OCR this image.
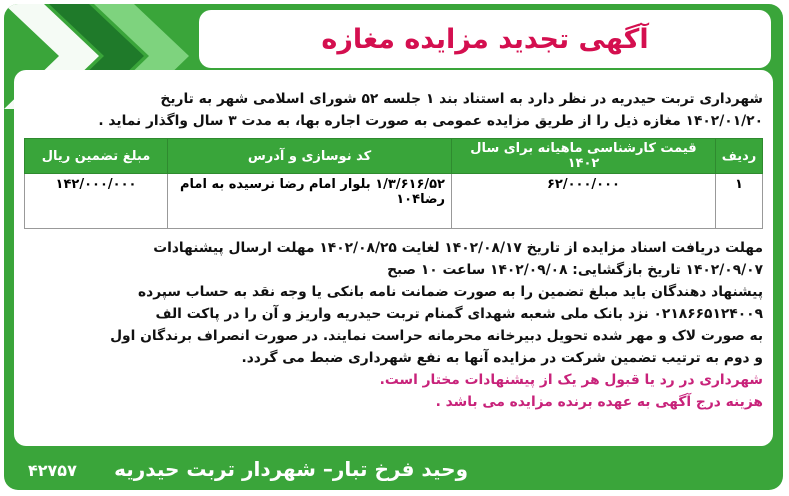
آگهی تجدید مزایده مغازه

شهرداری تربت حیدریه در نظر دارد به استناد بند ۱ جلسه ۵۲ شورای اسلامی شهر به تاریخ

۱۴۰۲/۰۱/۲۰ مغازه ذیل را از طریق مزایده عمومی به صورت اجاره بها، به مدت ۳ سال واگذار نماید .

ردیف	قیمت کارشناسی ماهیانه برای سال ۱۴۰۲	کد نوسازی و آدرس	مبلغ تضمین ریال
۱	۶۲/۰۰۰/۰۰۰	۱/۳/۶۱۶/۵۲ بلوار امام رضا نرسیده به امام رضا۱۰۴	۱۴۲/۰۰۰/۰۰۰

مهلت دریافت اسناد مزایده از تاریخ ۱۴۰۲/۰۸/۱۷ لغایت ۱۴۰۲/۰۸/۲۵ مهلت ارسال پیشنهادات

۱۴۰۲/۰۹/۰۷ تاریخ بازگشایی: ۱۴۰۲/۰۹/۰۸ ساعت ۱۰ صبح

پیشنهاد دهندگان باید مبلغ تضمین را به صورت ضمانت نامه بانکی یا وجه نقد به حساب سپرده

۰۲۱۸۶۶۵۱۲۴۰۰۹ نزد بانک ملی شعبه شهدای گمنام تربت حیدریه واریز و آن را در پاکت الف

به صورت لاک و مهر شده تحویل دبیرخانه محرمانه حراست نمایند. در صورت انصراف برندگان اول

و دوم به ترتیب تضمین شرکت در مزایده آنها به نفع شهرداری ضبط می گردد.

شهرداری در رد یا قبول هر یک از پیشنهادات مختار است.

هزینه درج آگهی به عهده برنده مزایده می باشد .

وحید فرخ تبار– شهردار تربت حیدریه
۴۲۷۵۷
